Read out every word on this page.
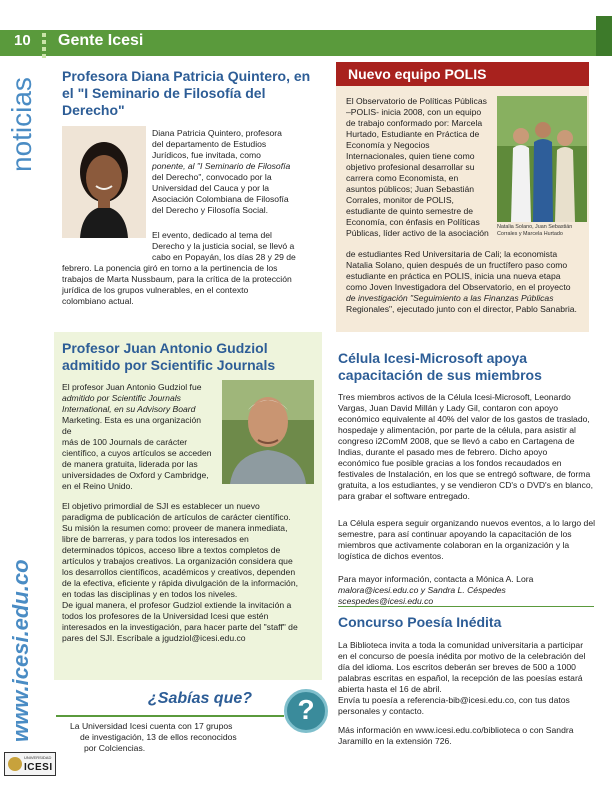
10 Gente Icesi
noticias
www.icesi.edu.co
UNIVERSIDAD
ICESI
Profesora Diana Patricia Quintero, en el "I Seminario de Filosofía del Derecho"
Diana Patricia Quintero, profesora
del departamento de Estudios
Jurídicos, fue invitada, como
ponente, al "I Seminario de Filosofía
del Derecho", convocado por la
Universidad del Cauca y por la
Asociación Colombiana de Filosofía
del Derecho y Filosofía Social.
El evento, dedicado al tema del
Derecho y la justicia social, se llevó a
cabo en Popayán, los días 28 y 29 de
febrero. La ponencia giró en torno a la pertinencia de los
trabajos de Marta Nussbaum, para la crítica de la protección
jurídica de los grupos vulnerables, en el contexto
colombiano actual.
Profesor Juan Antonio Gudziol
admitido por Scientific Journals
El profesor Juan Antonio Gudziol fue
admitido por Scientific Journals
International, en su Advisory Board
Marketing. Esta es una organización de
más de 100 Journals de carácter
científico, a cuyos artículos se acceden
de manera gratuita, liderada por las
universidades de Oxford y Cambridge,
en el Reino Unido.
El objetivo primordial de SJI es establecer un nuevo
paradigma de publicación de artículos de carácter científico.
Su misión la resumen como: proveer de manera inmediata,
libre de barreras, y para todos los interesados en
determinados tópicos, acceso libre a textos completos de
artículos y trabajos creativos. La organización considera que
los desarrollos científicos, académicos y creativos, dependen
de la efectiva, eficiente y rápida divulgación de la información,
en todas las disciplinas y en todos los niveles.
De igual manera, el profesor Gudziol extiende la invitación a
todos los profesores de la Universidad Icesi que estén
interesados en la investigación, para hacer parte del "staff" de
pares del SJI. Escríbale a jgudziol@icesi.edu.co
¿Sabías que?	?
La Universidad Icesi cuenta con 17 grupos
de investigación, 13 de ellos reconocidos
por Colciencias.
Nuevo equipo POLIS
El Observatorio de Políticas Públicas
–POLIS- inicia 2008, con un equipo
de trabajo conformado por: Marcela
Hurtado, Estudiante en Práctica de
Economía y Negocios
Internacionales, quien tiene como
objetivo profesional desarrollar su
carrera como Economista, en
asuntos públicos; Juan Sebastián
Corrales, monitor de POLIS,
estudiante de quinto semestre de
Economía, con énfasis en Políticas
Públicas, líder activo de la asociación
Natalia Solano, Juan Sebastián Corrales y Marcela Hurtado
de estudiantes Red Universitaria de Cali; la economista
Natalia Solano, quien después de un fructífero paso como
estudiante en práctica en POLIS, inicia una nueva etapa
como Joven Investigadora del Observatorio, en el proyecto
de investigación "Seguimiento a las Finanzas Públicas
Regionales", ejecutado junto con el director, Pablo Sanabria.
Célula Icesi-Microsoft apoya
capacitación de sus miembros
Tres miembros activos de la Célula Icesi-Microsoft, Leonardo
Vargas, Juan David Millán y Lady Gil, contaron con apoyo
económico equivalente al 40% del valor de los gastos de traslado,
hospedaje y alimentación, por parte de la célula, para asistir al
congreso i2ComM 2008, que se llevó a cabo en Cartagena de
Indias, durante el pasado mes de febrero. Dicho apoyo
económico fue posible gracias a los fondos recaudados en
festivales de Instalación, en los que se entregó software, de forma
gratuita, a los estudiantes, y se vendieron CD's o DVD's en blanco,
para grabar el software entregado.
La Célula espera seguir organizando nuevos eventos, a lo largo del
semestre, para así continuar apoyando la capacitación de los
miembros que activamente colaboran en la organización y la
logística de dichos eventos.
Para mayor información, contacta a Mónica A. Lora
malora@icesi.edu.co y Sandra L. Céspedes scespedes@icesi.edu.co
Concurso Poesía Inédita
La Biblioteca invita a toda la comunidad universitaria a participar
en el concurso de poesía inédita por motivo de la celebración del
día del idioma. Los escritos deberán ser breves de 500 a 1000
palabras escritas en español, la recepción de las poesías estará
abierta hasta el 16 de abril.
Envía tu poesía a referencia-bib@icesi.edu.co, con tus datos
personales y contacto.
Más información en www.icesi.edu.co/biblioteca o con Sandra
Jaramillo en la extensión 726.
